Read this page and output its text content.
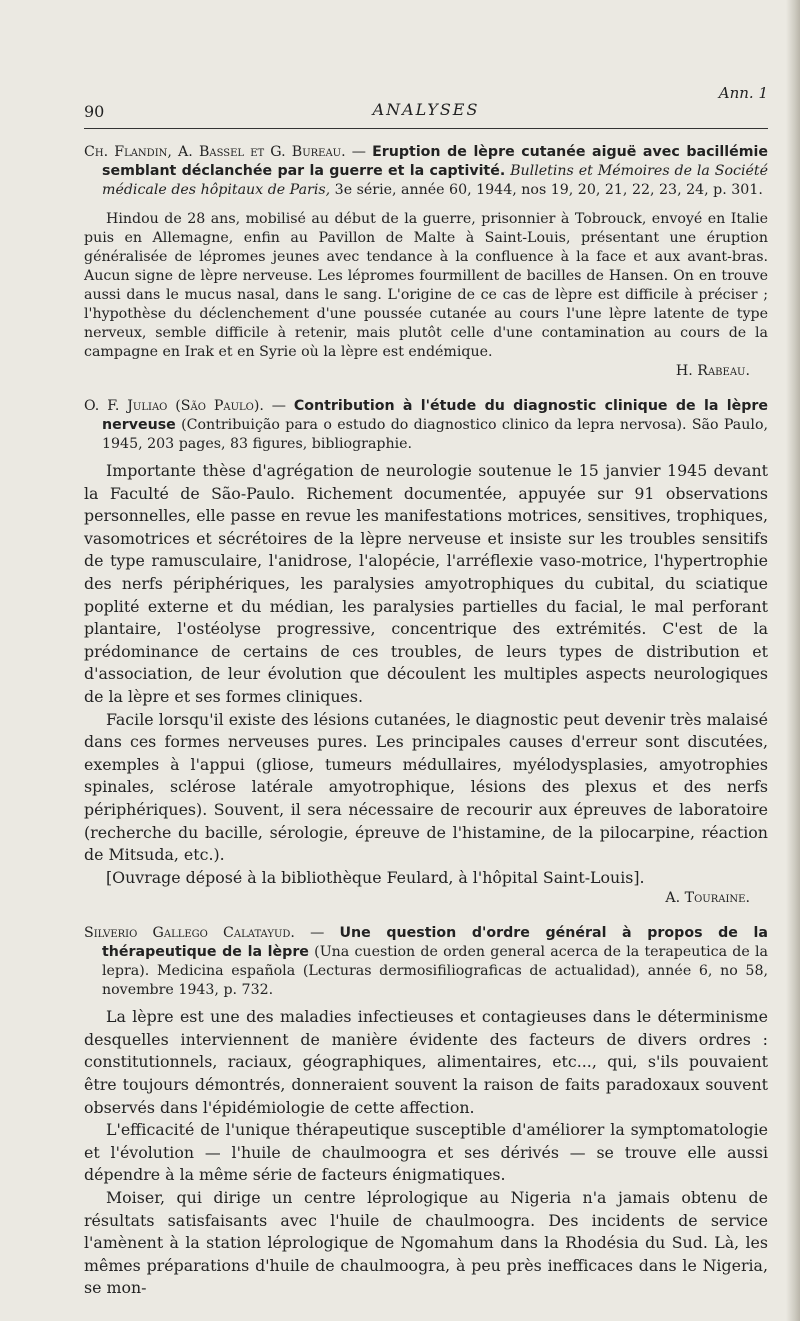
90	ANALYSES
Ann. 1

Ch. Flandin, A. Bassel et G. Bureau. — Eruption de lèpre cutanée aiguë avec bacillémie semblant déclanchée par la guerre et la captivité. Bulletins et Mémoires de la Société médicale des hôpitaux de Paris, 3e série, année 60, 1944, nos 19, 20, 21, 22, 23, 24, p. 301.

Hindou de 28 ans, mobilisé au début de la guerre, prisonnier à Tobrouck, envoyé en Italie puis en Allemagne, enfin au Pavillon de Malte à Saint-Louis, présentant une éruption généralisée de lépromes jeunes avec tendance à la confluence à la face et aux avant-bras. Aucun signe de lèpre nerveuse. Les lépromes fourmillent de bacilles de Hansen. On en trouve aussi dans le mucus nasal, dans le sang. L'origine de ce cas de lèpre est difficile à préciser ; l'hypothèse du déclenchement d'une poussée cutanée au cours l'une lèpre latente de type nerveux, semble difficile à retenir, mais plutôt celle d'une contamination au cours de la campagne en Irak et en Syrie où la lèpre est endémique.

H. Rabeau.

O. F. Juliao (São Paulo). — Contribution à l'étude du diagnostic clinique de la lèpre nerveuse (Contribuição para o estudo do diagnostico clinico da lepra nervosa). São Paulo, 1945, 203 pages, 83 figures, bibliographie.

Importante thèse d'agrégation de neurologie soutenue le 15 janvier 1945 devant la Faculté de São-Paulo. Richement documentée, appuyée sur 91 observations personnelles, elle passe en revue les manifestations motrices, sensitives, trophiques, vasomotrices et sécrétoires de la lèpre nerveuse et insiste sur les troubles sensitifs de type ramusculaire, l'anidrose, l'alopécie, l'arréflexie vaso-motrice, l'hypertrophie des nerfs périphériques, les paralysies amyotrophiques du cubital, du sciatique poplité externe et du médian, les paralysies partielles du facial, le mal perforant plantaire, l'ostéolyse progressive, concentrique des extrémités. C'est de la prédominance de certains de ces troubles, de leurs types de distribution et d'association, de leur évolution que découlent les multiples aspects neurologiques de la lèpre et ses formes cliniques.

Facile lorsqu'il existe des lésions cutanées, le diagnostic peut devenir très malaisé dans ces formes nerveuses pures. Les principales causes d'erreur sont discutées, exemples à l'appui (gliose, tumeurs médullaires, myélodysplasies, amyotrophies spinales, sclérose latérale amyotrophique, lésions des plexus et des nerfs périphériques). Souvent, il sera nécessaire de recourir aux épreuves de laboratoire (recherche du bacille, sérologie, épreuve de l'histamine, de la pilocarpine, réaction de Mitsuda, etc.).

[Ouvrage déposé à la bibliothèque Feulard, à l'hôpital Saint-Louis].

A. Touraine.

Silverio Gallego Calatayud. — Une question d'ordre général à propos de la thérapeutique de la lèpre (Una cuestion de orden general acerca de la terapeutica de la lepra). Medicina española (Lecturas dermosifiliograficas de actualidad), année 6, no 58, novembre 1943, p. 732.

La lèpre est une des maladies infectieuses et contagieuses dans le déterminisme desquelles interviennent de manière évidente des facteurs de divers ordres : constitutionnels, raciaux, géographiques, alimentaires, etc..., qui, s'ils pouvaient être toujours démontrés, donneraient souvent la raison de faits paradoxaux souvent observés dans l'épidémiologie de cette affection.

L'efficacité de l'unique thérapeutique susceptible d'améliorer la symptomatologie et l'évolution — l'huile de chaulmoogra et ses dérivés — se trouve elle aussi dépendre à la même série de facteurs énigmatiques.

Moiser, qui dirige un centre léprologique au Nigeria n'a jamais obtenu de résultats satisfaisants avec l'huile de chaulmoogra. Des incidents de service l'amènent à la station léprologique de Ngomahum dans la Rhodésia du Sud. Là, les mêmes préparations d'huile de chaulmoogra, à peu près inefficaces dans le Nigeria, se mon-
